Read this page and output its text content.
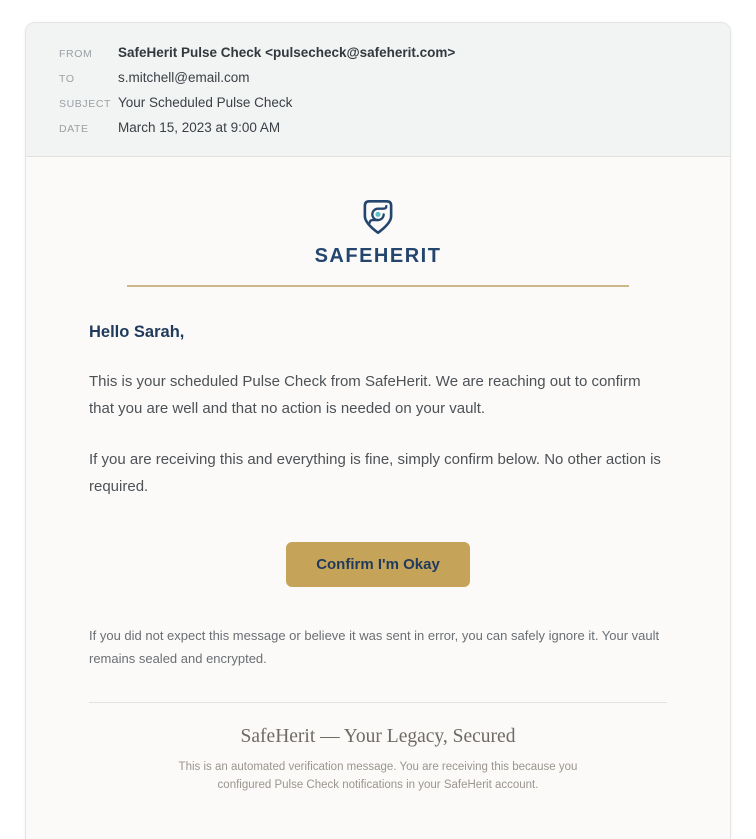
FROM	SafeHerit Pulse Check <pulsecheck@safeherit.com>
TO	s.mitchell@email.com
SUBJECT Your Scheduled Pulse Check
DATE	March 15, 2023 at 9:00 AM
SAFEHERIT
Hello Sarah,

This is your scheduled Pulse Check from SafeHerit. We are reaching out to confirm that you are well and that no action is needed on your vault.

If you are receiving this and everything is fine, simply confirm below. No other action is required.

Confirm I'm Okay

If you did not expect this message or believe it was sent in error, you can safely ignore it. Your vault remains sealed and encrypted.

SafeHerit — Your Legacy, Secured
This is an automated verification message. You are receiving this because you
configured Pulse Check notifications in your SafeHerit account.
